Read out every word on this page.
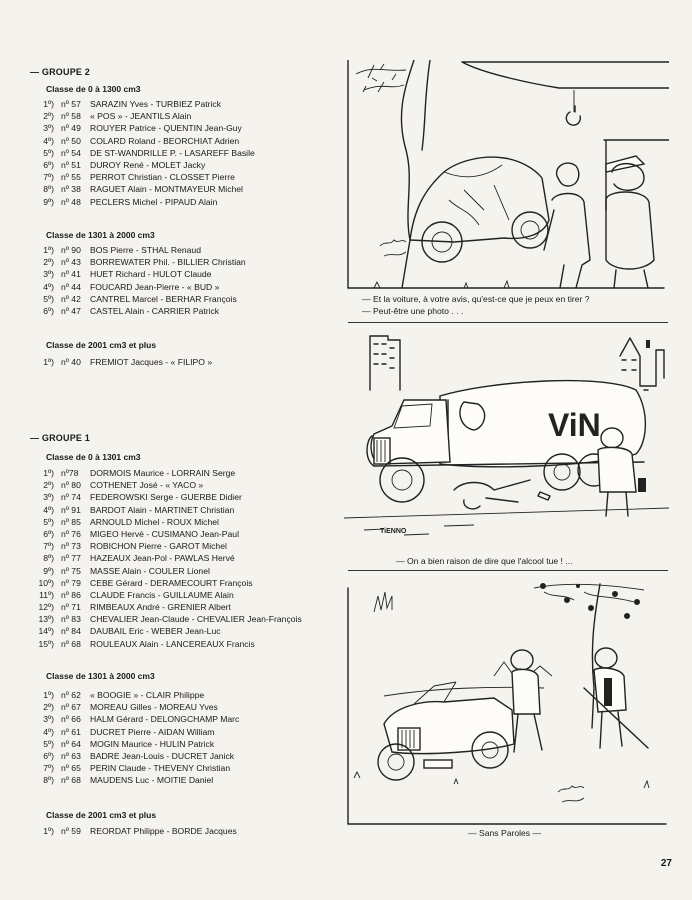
— GROUPE 2
Classe de 0 à 1300 cm3
1º) nº 57 SARAZIN Yves - TURBIEZ Patrick
2º) nº 58 « POS » - JEANTILS Alain
3º) nº 49 ROUYER Patrice - QUENTIN Jean-Guy
4º) nº 50 COLARD Roland - BEORCHIAT Adrien
5º) nº 54 DE ST-WANDRILLE P. - LASAREFF Basile
6º) nº 51 DUROY René - MOLET Jacky
7º) nº 55 PERROT Christian - CLOSSET Pierre
8º) nº 38 RAGUET Alain - MONTMAYEUR Michel
9º) nº 48 PECLERS Michel - PIPAUD Alain
Classe de 1301 à 2000 cm3
1º) nº 90 BOS Pierre - STHAL Renaud
2º) nº 43 BORREWATER Phil. - BILLIER Christian
3º) nº 41 HUET Richard - HULOT Claude
4º) nº 44 FOUCARD Jean-Pierre - « BUD »
5º) nº 42 CANTREL Marcel - BERHAR François
6º) nº 47 CASTEL Alain - CARRIER Patrick
Classe de 2001 cm3 et plus
1º) nº 40 FREMIOT Jacques - « FILIPO »
— GROUPE 1
Classe de 0 à 1301 cm3
1º) nº78 DORMOIS Maurice - LORRAIN Serge
2º) nº 80 COTHENET José - « YACO »
3º) nº 74 FEDEROWSKI Serge - GUERBE Didier
4º) nº 91 BARDOT Alain - MARTINET Christian
5º) nº 85 ARNOULD Michel - ROUX Michel
6º) nº 76 MIGEO Hervé - CUSIMANO Jean-Paul
7º) nº 73 ROBICHON Pierre - GAROT Michel
8º) nº 77 HAZEAUX Jean-Pol - PAWLAS Hervé
9º) nº 75 MASSE Alain - COULER Lionel
10º) nº 79 CEBE Gérard - DERAMECOURT François
11º) nº 86 CLAUDE Francis - GUILLAUME Alain
12º) nº 71 RIMBEAUX André - GRENIER Albert
13º) nº 83 CHEVALIER Jean-Claude - CHEVALIER Jean-François
14º) nº 84 DAUBAIL Eric - WEBER Jean-Luc
15º) nº 68 ROULEAUX Alain - LANCEREAUX Francis
Classe de 1301 à 2000 cm3
1º) nº 62 « BOOGIE » - CLAIR Philippe
2º) nº 67 MOREAU Gilles - MOREAU Yves
3º) nº 66 HALM Gérard - DELONGCHAMP Marc
4º) nº 61 DUCRET Pierre - AIDAN William
5º) nº 64 MOGIN Maurice - HULIN Patrick
6º) nº 63 BADRE Jean-Louis - DUCRET Janick
7º) nº 65 PERIN Claude - THEVENY Christian
8º) nº 68 MAUDENS Luc - MOITIE Daniel
Classe de 2001 cm3 et plus
1º) nº 59 REORDAT Philippe - BORDE Jacques
— Et la voiture, à votre avis, qu'est-ce que je peux en tirer ?
— Peut-être une photo . . .
ViN
TiENNO
— On a bien raison de dire que l'alcool tue ! ...
— Sans Paroles —
27
